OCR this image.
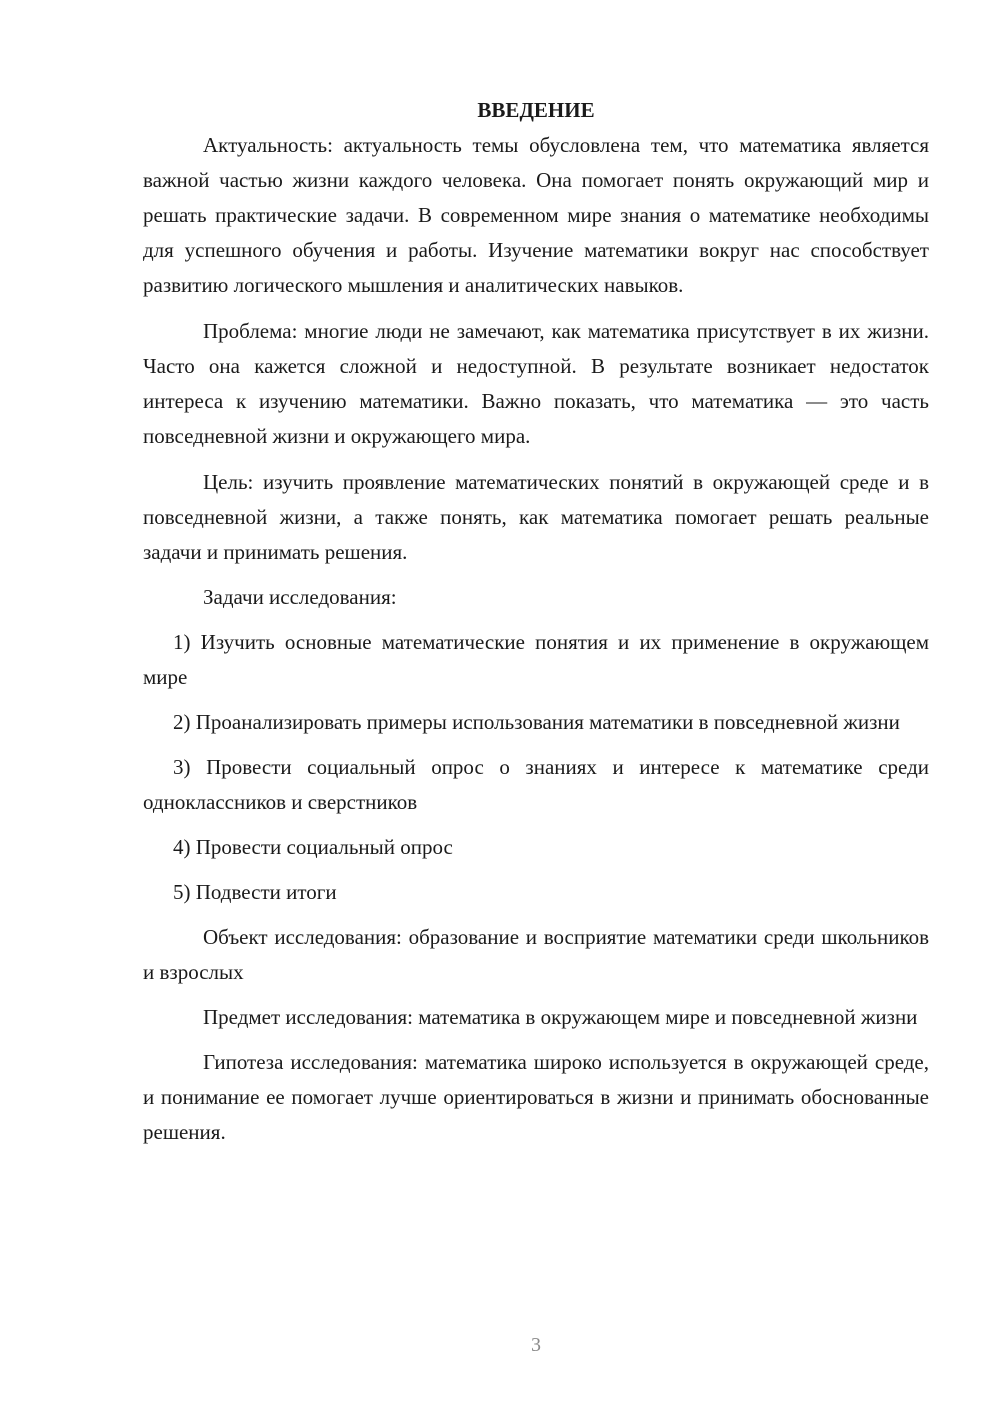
ВВЕДЕНИЕ

Актуальность: актуальность темы обусловлена тем, что математика является важной частью жизни каждого человека. Она помогает понять окружающий мир и решать практические задачи. В современном мире знания о математике необходимы для успешного обучения и работы. Изучение математики вокруг нас способствует развитию логического мышления и аналитических навыков.

Проблема: многие люди не замечают, как математика присутствует в их жизни. Часто она кажется сложной и недоступной. В результате возникает недостаток интереса к изучению математики. Важно показать, что математика — это часть повседневной жизни и окружающего мира.

Цель: изучить проявление математических понятий в окружающей среде и в повседневной жизни, а также понять, как математика помогает решать реальные задачи и принимать решения.

Задачи исследования:

1) Изучить основные математические понятия и их применение в окружающем мире

2) Проанализировать примеры использования математики в повседневной жизни

3) Провести социальный опрос о знаниях и интересе к математике среди одноклассников и сверстников

4) Провести социальный опрос

5) Подвести итоги

Объект исследования: образование и восприятие математики среди школьников и взрослых

Предмет исследования: математика в окружающем мире и повседневной жизни

Гипотеза исследования: математика широко используется в окружающей среде, и понимание ее помогает лучше ориентироваться в жизни и принимать обоснованные решения.

3
